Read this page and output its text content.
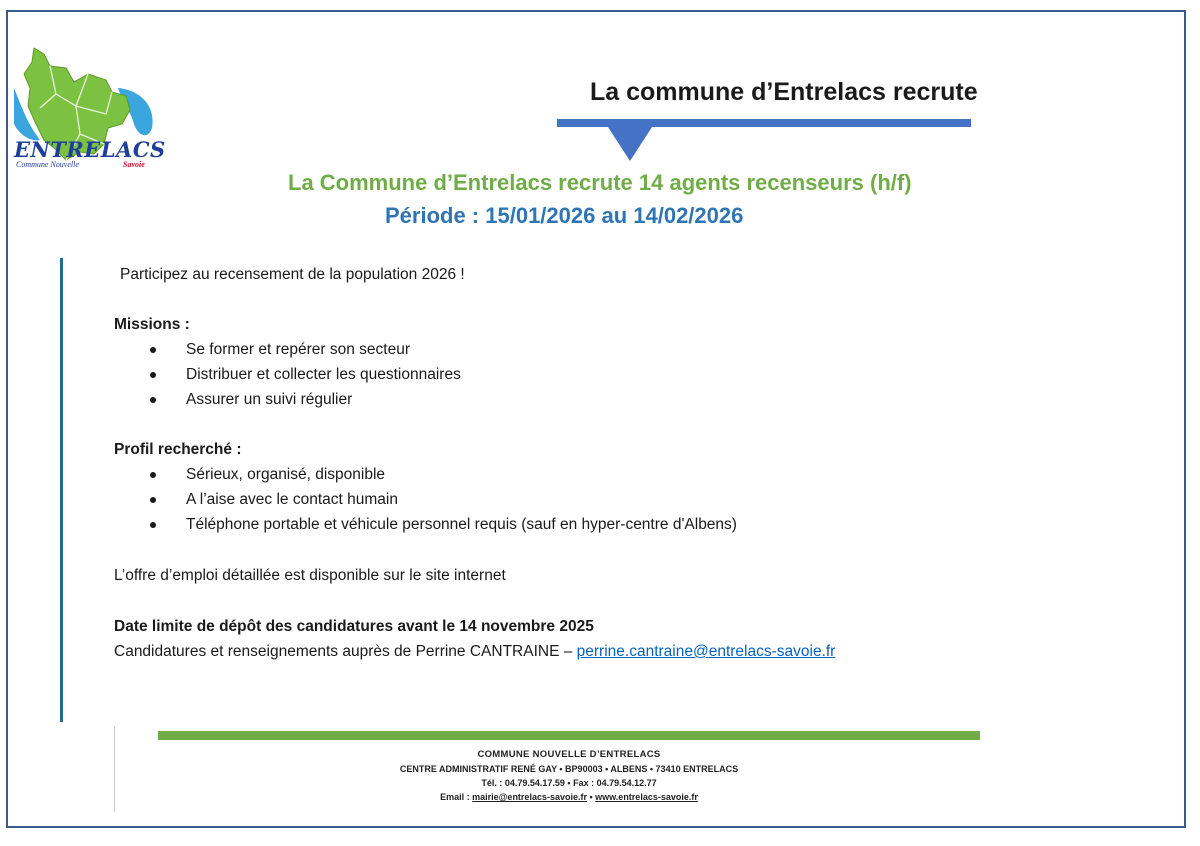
ENTRELACS
Commune Nouvelle	Savoie
La commune d’Entrelacs recrute
La Commune d’Entrelacs recrute 14 agents recenseurs (h/f)
Période : 15/01/2026 au 14/02/2026

Participez au recensement de la population 2026 !

Missions :

Se former et repérer son secteur
Distribuer et collecter les questionnaires
Assurer un suivi régulier

Profil recherché :

Sérieux, organisé, disponible
A l’aise avec le contact humain
Téléphone portable et véhicule personnel requis (sauf en hyper-centre d'Albens)

L’offre d’emploi détaillée est disponible sur le site internet

Date limite de dépôt des candidatures avant le 14 novembre 2025

Candidatures et renseignements auprès de Perrine CANTRAINE – perrine.cantraine@entrelacs-savoie.fr

COMMUNE NOUVELLE D’ENTRELACS
CENTRE ADMINISTRATIF RENÉ GAY • BP90003 • ALBENS • 73410 ENTRELACS
Tél. : 04.79.54.17.59 • Fax : 04.79.54.12.77
Email : mairie@entrelacs-savoie.fr • www.entrelacs-savoie.fr
